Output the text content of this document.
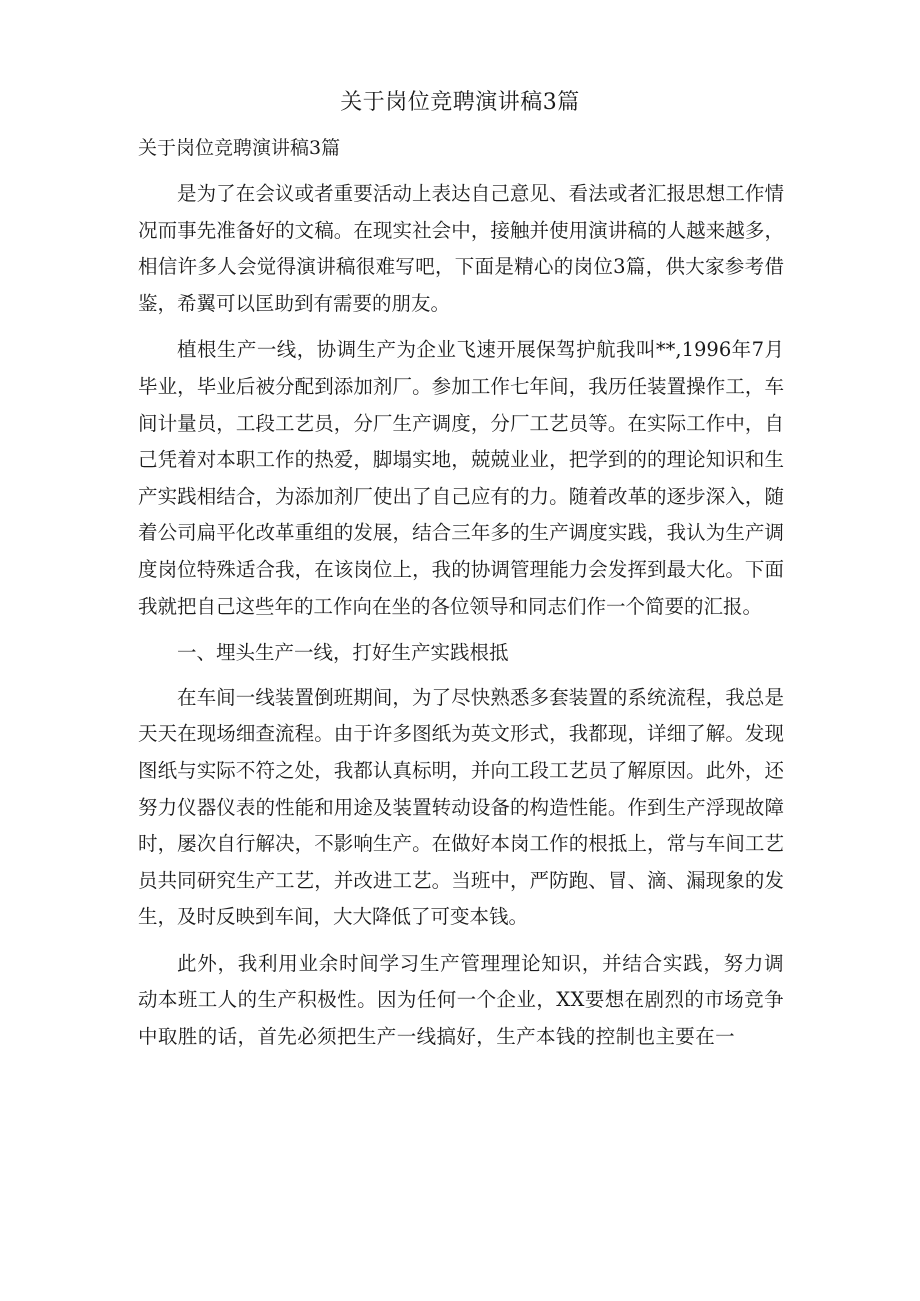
关于岗位竞聘演讲稿3篇
关于岗位竞聘演讲稿3篇

是为了在会议或者重要活动上表达自己意见、看法或者汇报思想工作情况而事先准备好的文稿。在现实社会中，接触并使用演讲稿的人越来越多，相信许多人会觉得演讲稿很难写吧，下面是精心的岗位3篇，供大家参考借鉴，希翼可以匡助到有需要的朋友。

植根生产一线，协调生产为企业飞速开展保驾护航我叫**,1996年7月毕业，毕业后被分配到添加剂厂。参加工作七年间，我历任装置操作工，车间计量员，工段工艺员，分厂生产调度，分厂工艺员等。在实际工作中，自己凭着对本职工作的热爱，脚塌实地，兢兢业业，把学到的的理论知识和生产实践相结合，为添加剂厂使出了自己应有的力。随着改革的逐步深入，随着公司扁平化改革重组的发展，结合三年多的生产调度实践，我认为生产调度岗位特殊适合我，在该岗位上，我的协调管理能力会发挥到最大化。下面我就把自己这些年的工作向在坐的各位领导和同志们作一个简要的汇报。

一、埋头生产一线，打好生产实践根抵

在车间一线装置倒班期间，为了尽快熟悉多套装置的系统流程，我总是天天在现场细查流程。由于许多图纸为英文形式，我都现，详细了解。发现图纸与实际不符之处，我都认真标明，并向工段工艺员了解原因。此外，还努力仪器仪表的性能和用途及装置转动设备的构造性能。作到生产浮现故障时，屡次自行解决，不影响生产。在做好本岗工作的根抵上，常与车间工艺员共同研究生产工艺，并改进工艺。当班中，严防跑、冒、滴、漏现象的发生，及时反映到车间，大大降低了可变本钱。

此外，我利用业余时间学习生产管理理论知识，并结合实践，努力调动本班工人的生产积极性。因为任何一个企业，XX要想在剧烈的市场竞争中取胜的话，首先必须把生产一线搞好，生产本钱的控制也主要在一
